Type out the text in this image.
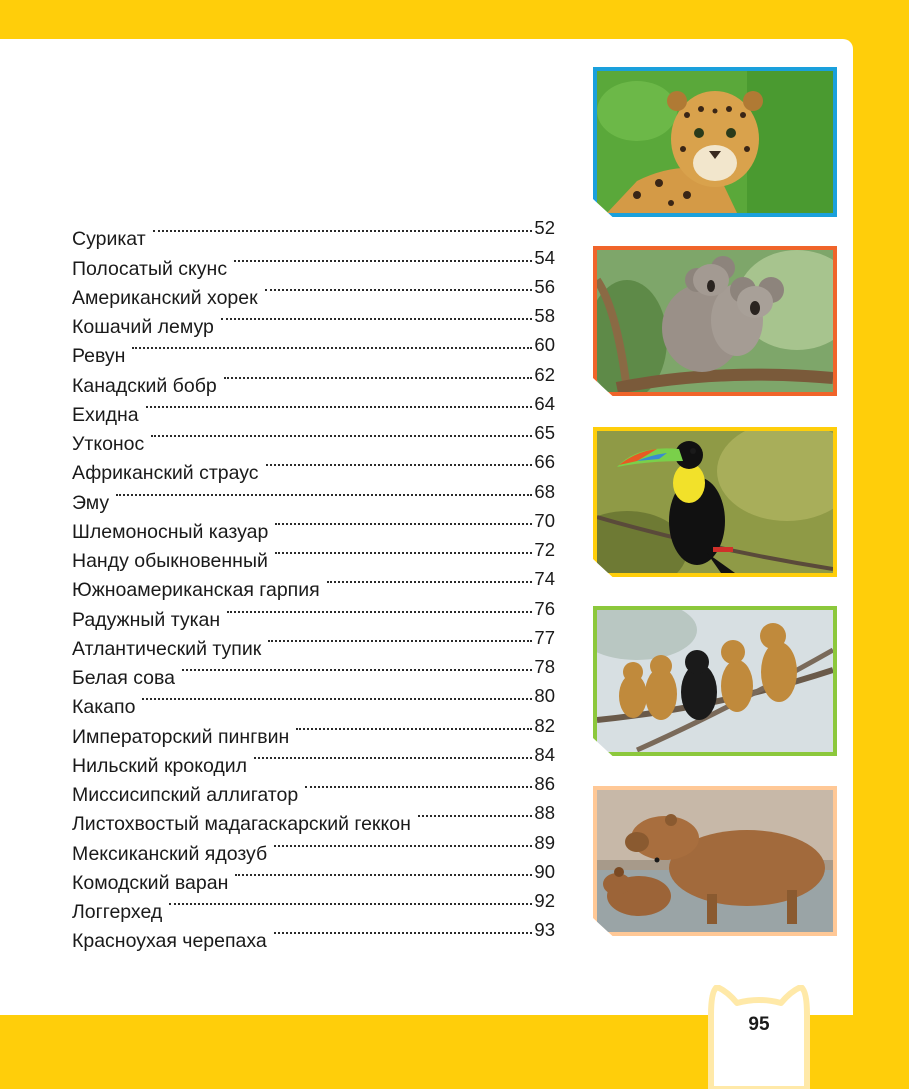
Сурикат
52
Полосатый скунс
54
Американский хорек
56
Кошачий лемур
58
Ревун
60
Канадский бобр
62
Ехидна
64
Утконос
65
Африканский страус
66
Эму
68
Шлемоносный казуар
70
Нанду обыкновенный
72
Южноамериканская гарпия
74
Радужный тукан
76
Атлантический тупик
77
Белая сова
78
Какапо
80
Императорский пингвин
82
Нильский крокодил
84
Миссисипский аллигатор
86
Листохвостый мадагаскарский геккон
88
Мексиканский ядозуб
89
Комодский варан
90
Логгерхед
92
Красноухая черепаха
93
95
